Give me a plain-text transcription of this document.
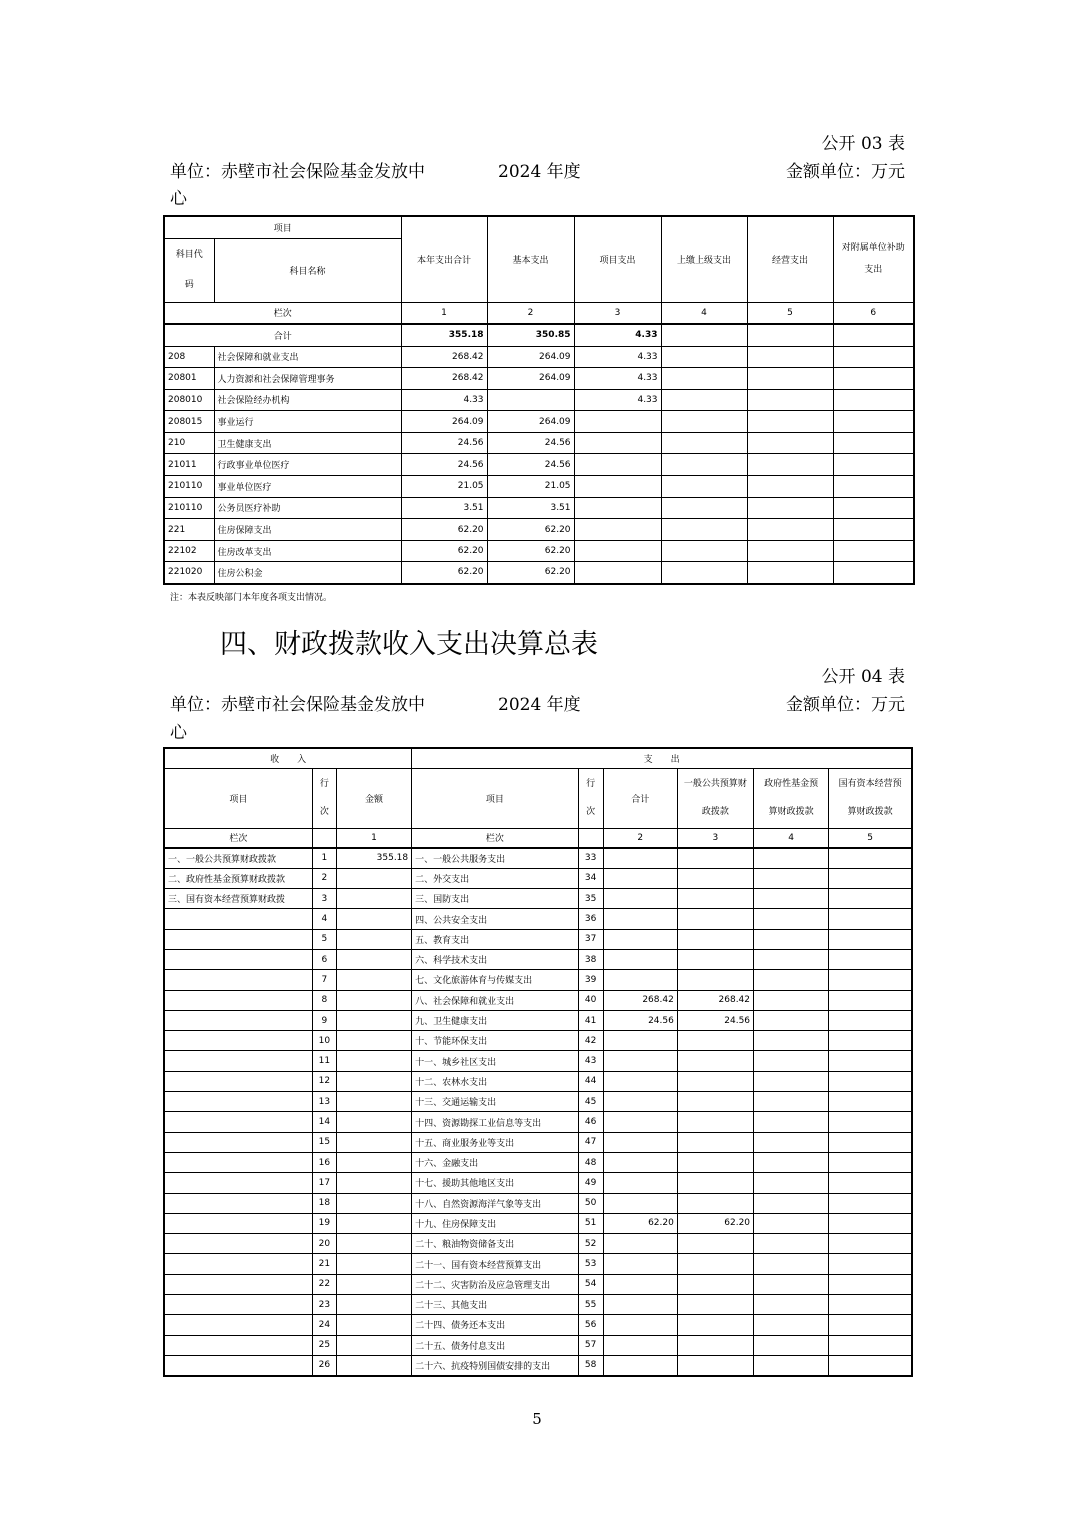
公开 03 表
单位：赤壁市社会保险基金发放中	2024 年度	金额单位：万元
心
项目		本年支出合计	基本支出	项目支出	上缴上级支出	经营支出	对附属单位补助支出
科目代码	科目名称						
栏次		1	2	3	4	5	6
合计		355.18	350.85	4.33			
208	社会保障和就业支出	268.42	264.09	4.33			
20801	人力资源和社会保障管理事务	268.42	264.09	4.33			
208010	社会保险经办机构	4.33		4.33			
208015	事业运行	264.09	264.09				
210	卫生健康支出	24.56	24.56				
21011	行政事业单位医疗	24.56	24.56				
210110	事业单位医疗	21.05	21.05				
210110	公务员医疗补助	3.51	3.51				
221	住房保障支出	62.20	62.20				
22102	住房改革支出	62.20	62.20				
221020	住房公积金	62.20	62.20				
注：本表反映部门本年度各项支出情况。
四、财政拨款收入支出决算总表
公开 04 表
单位：赤壁市社会保险基金发放中	2024 年度	金额单位：万元
心
收　　入			支　　出					
项目	行次	金额	项目	行次	合计	一般公共预算财政拨款	政府性基金预算财政拨款	国有资本经营预算财政拨款
栏次		1	栏次		2	3	4	5
一、一般公共预算财政拨款	1	355.18	一、一般公共服务支出	33				
二、政府性基金预算财政拨款	2		二、外交支出	34				
三、国有资本经营预算财政拨	3		三、国防支出	35				
	4		四、公共安全支出	36				
	5		五、教育支出	37				
	6		六、科学技术支出	38				
	7		七、文化旅游体育与传媒支出	39				
	8		八、社会保障和就业支出	40	268.42	268.42		
	9		九、卫生健康支出	41	24.56	24.56		
	10		十、节能环保支出	42				
	11		十一、城乡社区支出	43				
	12		十二、农林水支出	44				
	13		十三、交通运输支出	45				
	14		十四、资源勘探工业信息等支出	46				
	15		十五、商业服务业等支出	47				
	16		十六、金融支出	48				
	17		十七、援助其他地区支出	49				
	18		十八、自然资源海洋气象等支出	50				
	19		十九、住房保障支出	51	62.20	62.20		
	20		二十、粮油物资储备支出	52				
	21		二十一、国有资本经营预算支出	53				
	22		二十二、灾害防治及应急管理支出	54				
	23		二十三、其他支出	55				
	24		二十四、债务还本支出	56				
	25		二十五、债务付息支出	57				
	26		二十六、抗疫特别国债安排的支出	58				
5
